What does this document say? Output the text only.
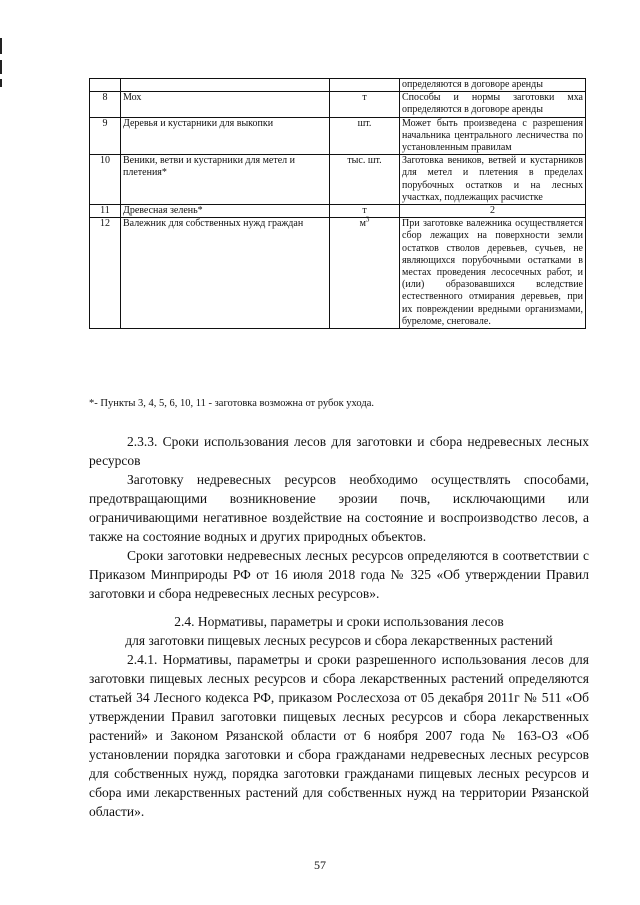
			определяются в договоре аренды
8	Мох	т	Способы и нормы заготовки мха определяются в договоре аренды
9	Деревья и кустарники для выкопки	шт.	Может быть произведена с разрешения начальника центрального лесничества по установленным правилам
10	Веники, ветви и кустарники для метел и плетения*	тыс. шт.	Заготовка веников, ветвей и кустарников для метел и плетения в пределах порубочных остатков и на лесных участках, подлежащих расчистке
11	Древесная зелень*	т	2
12	Валежник для собственных нужд граждан	$м^3$	При заготовке валежника осуществляется сбор лежащих на поверхности земли остатков стволов деревьев, сучьев, не являющихся порубочными остатками в местах проведения лесосечных работ, и (или) образовавшихся вследствие естественного отмирания деревьев, при их повреждении вредными организмами, буреломе, снеговале.
*- Пункты 3, 4, 5, 6, 10, 11 - заготовка возможна от рубок ухода.

2.3.3. Сроки использования лесов для заготовки и сбора недревесных лесных ресурсов

Заготовку недревесных ресурсов необходимо осуществлять способами, предотвращающими возникновение эрозии почв, исключающими или ограничивающими негативное воздействие на состояние и воспроизводство лесов, а также на состояние водных и других природных объектов.

Сроки заготовки недревесных лесных ресурсов определяются в соответствии с Приказом Минприроды РФ от 16 июля 2018 года № 325 «Об утверждении Правил заготовки и сбора недревесных лесных ресурсов».

2.4. Нормативы, параметры и сроки использования лесов

для заготовки пищевых лесных ресурсов и сбора лекарственных растений

2.4.1. Нормативы, параметры и сроки разрешенного использования лесов для заготовки пищевых лесных ресурсов и сбора лекарственных растений определяются статьей 34 Лесного кодекса РФ, приказом Рослесхоза от 05 декабря 2011г № 511 «Об утверждении Правил заготовки пищевых лесных ресурсов и сбора лекарственных растений» и Законом Рязанской области от 6 ноября 2007 года № 163-ОЗ «Об установлении порядка заготовки и сбора гражданами недревесных лесных ресурсов для собственных нужд, порядка заготовки гражданами пищевых лесных ресурсов и сбора ими лекарственных растений для собственных нужд на территории Рязанской области».

57
